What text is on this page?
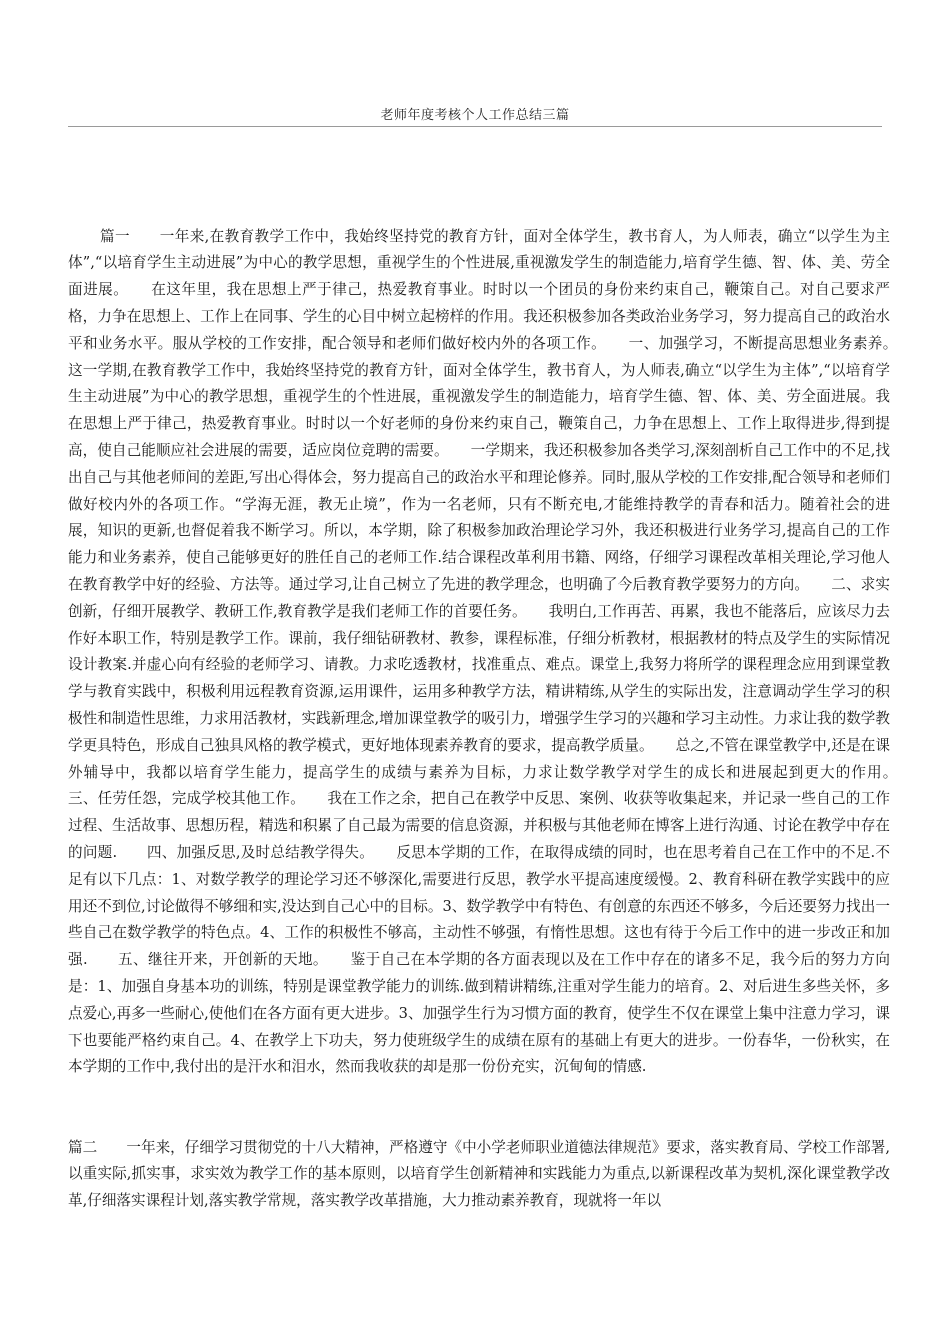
老师年度考核个人工作总结三篇

篇一　　一年来,在教育教学工作中，我始终坚持党的教育方针，面对全体学生，教书育人，为人师表，确立“以学生为主体”,“以培育学生主动进展”为中心的教学思想，重视学生的个性进展,重视激发学生的制造能力,培育学生德、智、体、美、劳全面进展。　　在这年里，我在思想上严于律己，热爱教育事业。时时以一个团员的身份来约束自己，鞭策自己。对自己要求严格，力争在思想上、工作上在同事、学生的心目中树立起榜样的作用。我还积极参加各类政治业务学习，努力提高自己的政治水平和业务水平。服从学校的工作安排，配合领导和老师们做好校内外的各项工作。　　一、加强学习，不断提高思想业务素养。　　这一学期,在教育教学工作中，我始终坚持党的教育方针，面对全体学生，教书育人，为人师表,确立“以学生为主体”,“以培育学生主动进展”为中心的教学思想，重视学生的个性进展，重视激发学生的制造能力，培育学生德、智、体、美、劳全面进展。我在思想上严于律己，热爱教育事业。时时以一个好老师的身份来约束自己，鞭策自己，力争在思想上、工作上取得进步,得到提高，使自己能顺应社会进展的需要，适应岗位竞聘的需要。　　一学期来，我还积极参加各类学习,深刻剖析自己工作中的不足,找出自己与其他老师间的差距,写出心得体会，努力提高自己的政治水平和理论修养。同时,服从学校的工作安排,配合领导和老师们做好校内外的各项工作。“学海无涯，教无止境”，作为一名老师，只有不断充电,才能维持教学的青春和活力。随着社会的进展，知识的更新,也督促着我不断学习。所以，本学期，除了积极参加政治理论学习外，我还积极进行业务学习,提高自己的工作能力和业务素养，使自己能够更好的胜任自己的老师工作.结合课程改革利用书籍、网络，仔细学习课程改革相关理论,学习他人在教育教学中好的经验、方法等。通过学习,让自己树立了先进的教学理念，也明确了今后教育教学要努力的方向。　　二、求实创新，仔细开展教学、教研工作,教育教学是我们老师工作的首要任务。　　我明白,工作再苦、再累，我也不能落后，应该尽力去作好本职工作，特别是教学工作。课前，我仔细钻研教材、教参，课程标准，仔细分析教材，根据教材的特点及学生的实际情况设计教案.并虚心向有经验的老师学习、请教。力求吃透教材，找准重点、难点。课堂上,我努力将所学的课程理念应用到课堂教学与教育实践中，积极利用远程教育资源,运用课件，运用多种教学方法，精讲精练,从学生的实际出发，注意调动学生学习的积极性和制造性思维，力求用活教材，实践新理念,增加课堂教学的吸引力，增强学生学习的兴趣和学习主动性。力求让我的数学教学更具特色，形成自己独具风格的教学模式，更好地体现素养教育的要求，提高教学质量。　　总之,不管在课堂教学中,还是在课外辅导中，我都以培育学生能力，提高学生的成绩与素养为目标，力求让数学教学对学生的成长和进展起到更大的作用。　　三、任劳任怨，完成学校其他工作。　　我在工作之余，把自己在教学中反思、案例、收获等收集起来，并记录一些自己的工作过程、生活故事、思想历程，精选和积累了自己最为需要的信息资源，并积极与其他老师在博客上进行沟通、讨论在教学中存在的问题.　　四、加强反思,及时总结教学得失。　　反思本学期的工作，在取得成绩的同时，也在思考着自己在工作中的不足.不足有以下几点：1、对数学教学的理论学习还不够深化,需要进行反思，教学水平提高速度缓慢。2、教育科研在教学实践中的应用还不到位,讨论做得不够细和实,没达到自己心中的目标。3、数学教学中有特色、有创意的东西还不够多，今后还要努力找出一些自己在数学教学的特色点。4、工作的积极性不够高，主动性不够强，有惰性思想。这也有待于今后工作中的进一步改正和加强.　　五、继往开来，开创新的天地。　　鉴于自己在本学期的各方面表现以及在工作中存在的诸多不足，我今后的努力方向是：1、加强自身基本功的训练，特别是课堂教学能力的训练.做到精讲精练,注重对学生能力的培育。2、对后进生多些关怀，多点爱心,再多一些耐心,使他们在各方面有更大进步。3、加强学生行为习惯方面的教育，使学生不仅在课堂上集中注意力学习，课下也要能严格约束自己。4、在教学上下功夫，努力使班级学生的成绩在原有的基础上有更大的进步。一份春华，一份秋实，在本学期的工作中,我付出的是汗水和泪水，然而我收获的却是那一份份充实，沉甸甸的情感.

篇二　　一年来，仔细学习贯彻党的十八大精神，严格遵守《中小学老师职业道德法律规范》要求，落实教育局、学校工作部署,以重实际,抓实事，求实效为教学工作的基本原则，以培育学生创新精神和实践能力为重点,以新课程改革为契机,深化课堂教学改革,仔细落实课程计划,落实教学常规，落实教学改革措施，大力推动素养教育，现就将一年以
